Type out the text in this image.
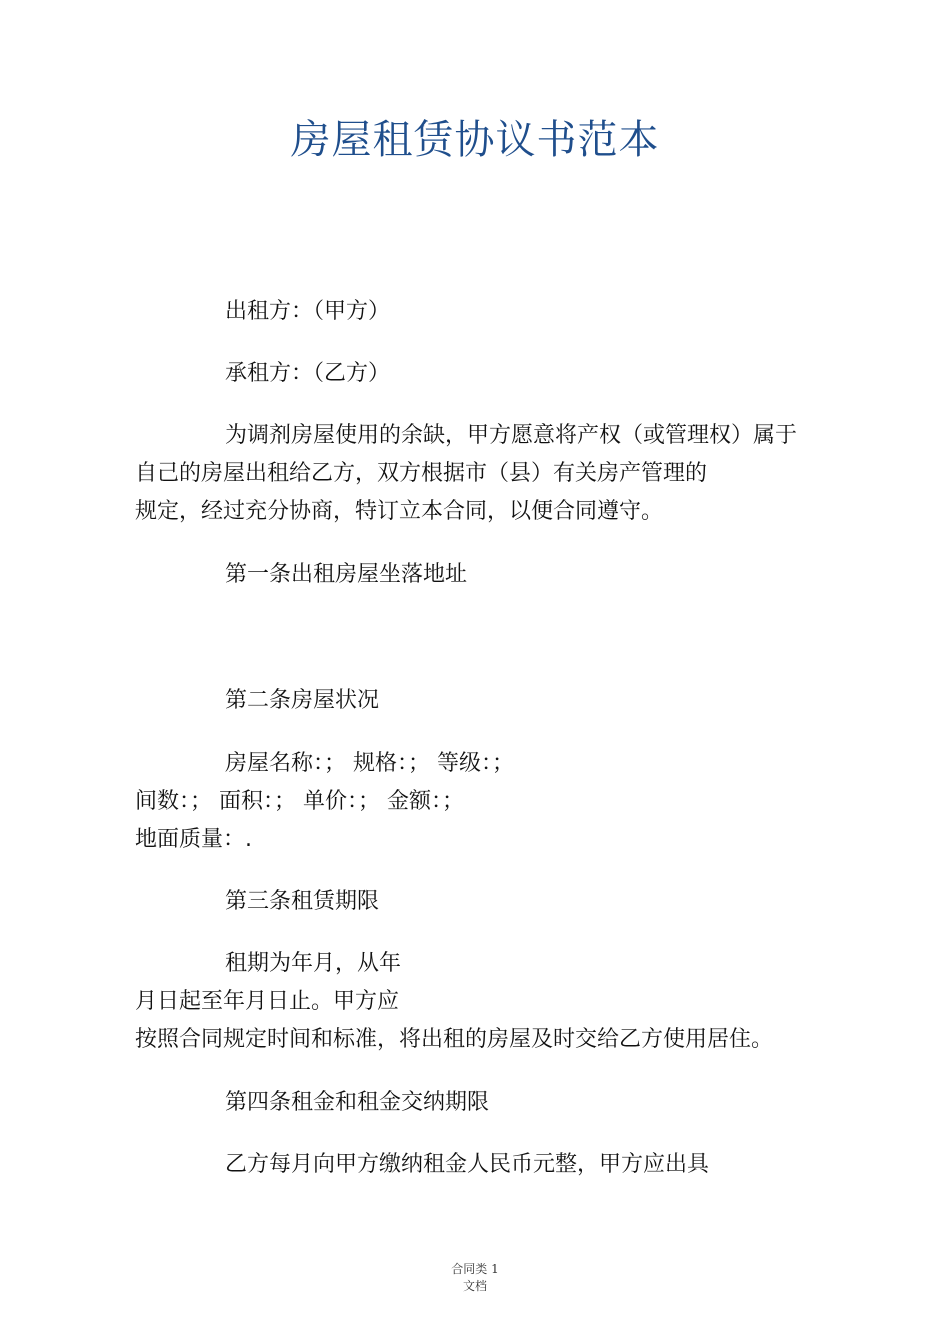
房屋租赁协议书范本
出租方：（甲方）
承租方：（乙方）
为调剂房屋使用的余缺，甲方愿意将产权（或管理权）属于
自己的房屋出租给乙方，双方根据市（县）有关房产管理的
规定，经过充分协商，特订立本合同，以便合同遵守。
第一条出租房屋坐落地址
第二条房屋状况
房屋名称：； 规格：； 等级：；
间数：； 面积：； 单价：； 金额：；
地面质量：.
第三条租赁期限
租期为年月，从年
月日起至年月日止。甲方应
按照合同规定时间和标准，将出租的房屋及时交给乙方使用居住。
第四条租金和租金交纳期限
乙方每月向甲方缴纳租金人民币元整，甲方应出具
合同类 1
文档
